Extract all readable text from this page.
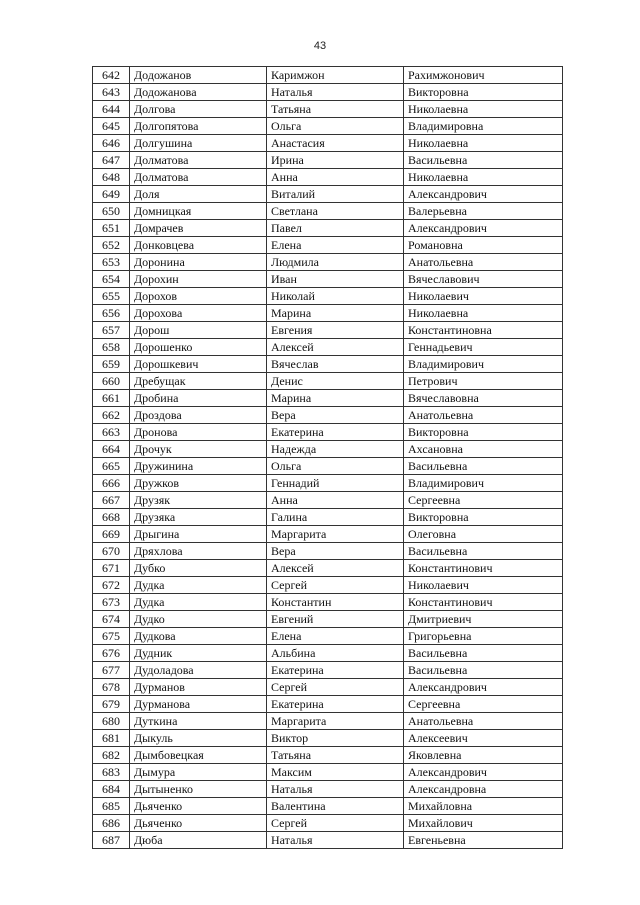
43
642	Додожанов	Каримжон	Рахимжонович
643	Додожанова	Наталья	Викторовна
644	Долгова	Татьяна	Николаевна
645	Долгопятова	Ольга	Владимировна
646	Долгушина	Анастасия	Николаевна
647	Долматова	Ирина	Васильевна
648	Долматова	Анна	Николаевна
649	Доля	Виталий	Александрович
650	Домницкая	Светлана	Валерьевна
651	Домрачев	Павел	Александрович
652	Донковцева	Елена	Романовна
653	Доронина	Людмила	Анатольевна
654	Дорохин	Иван	Вячеславович
655	Дорохов	Николай	Николаевич
656	Дорохова	Марина	Николаевна
657	Дорош	Евгения	Константиновна
658	Дорошенко	Алексей	Геннадьевич
659	Дорошкевич	Вячеслав	Владимирович
660	Дребущак	Денис	Петрович
661	Дробина	Марина	Вячеславовна
662	Дроздова	Вера	Анатольевна
663	Дронова	Екатерина	Викторовна
664	Дрочук	Надежда	Ахсановна
665	Дружинина	Ольга	Васильевна
666	Дружков	Геннадий	Владимирович
667	Друзяк	Анна	Сергеевна
668	Друзяка	Галина	Викторовна
669	Дрыгина	Маргарита	Олеговна
670	Дряхлова	Вера	Васильевна
671	Дубко	Алексей	Константинович
672	Дудка	Сергей	Николаевич
673	Дудка	Константин	Константинович
674	Дудко	Евгений	Дмитриевич
675	Дудкова	Елена	Григорьевна
676	Дудник	Альбина	Васильевна
677	Дудоладова	Екатерина	Васильевна
678	Дурманов	Сергей	Александрович
679	Дурманова	Екатерина	Сергеевна
680	Дуткина	Маргарита	Анатольевна
681	Дыкуль	Виктор	Алексеевич
682	Дымбовецкая	Татьяна	Яковлевна
683	Дымура	Максим	Александрович
684	Дытыненко	Наталья	Александровна
685	Дьяченко	Валентина	Михайловна
686	Дьяченко	Сергей	Михайлович
687	Дюба	Наталья	Евгеньевна
